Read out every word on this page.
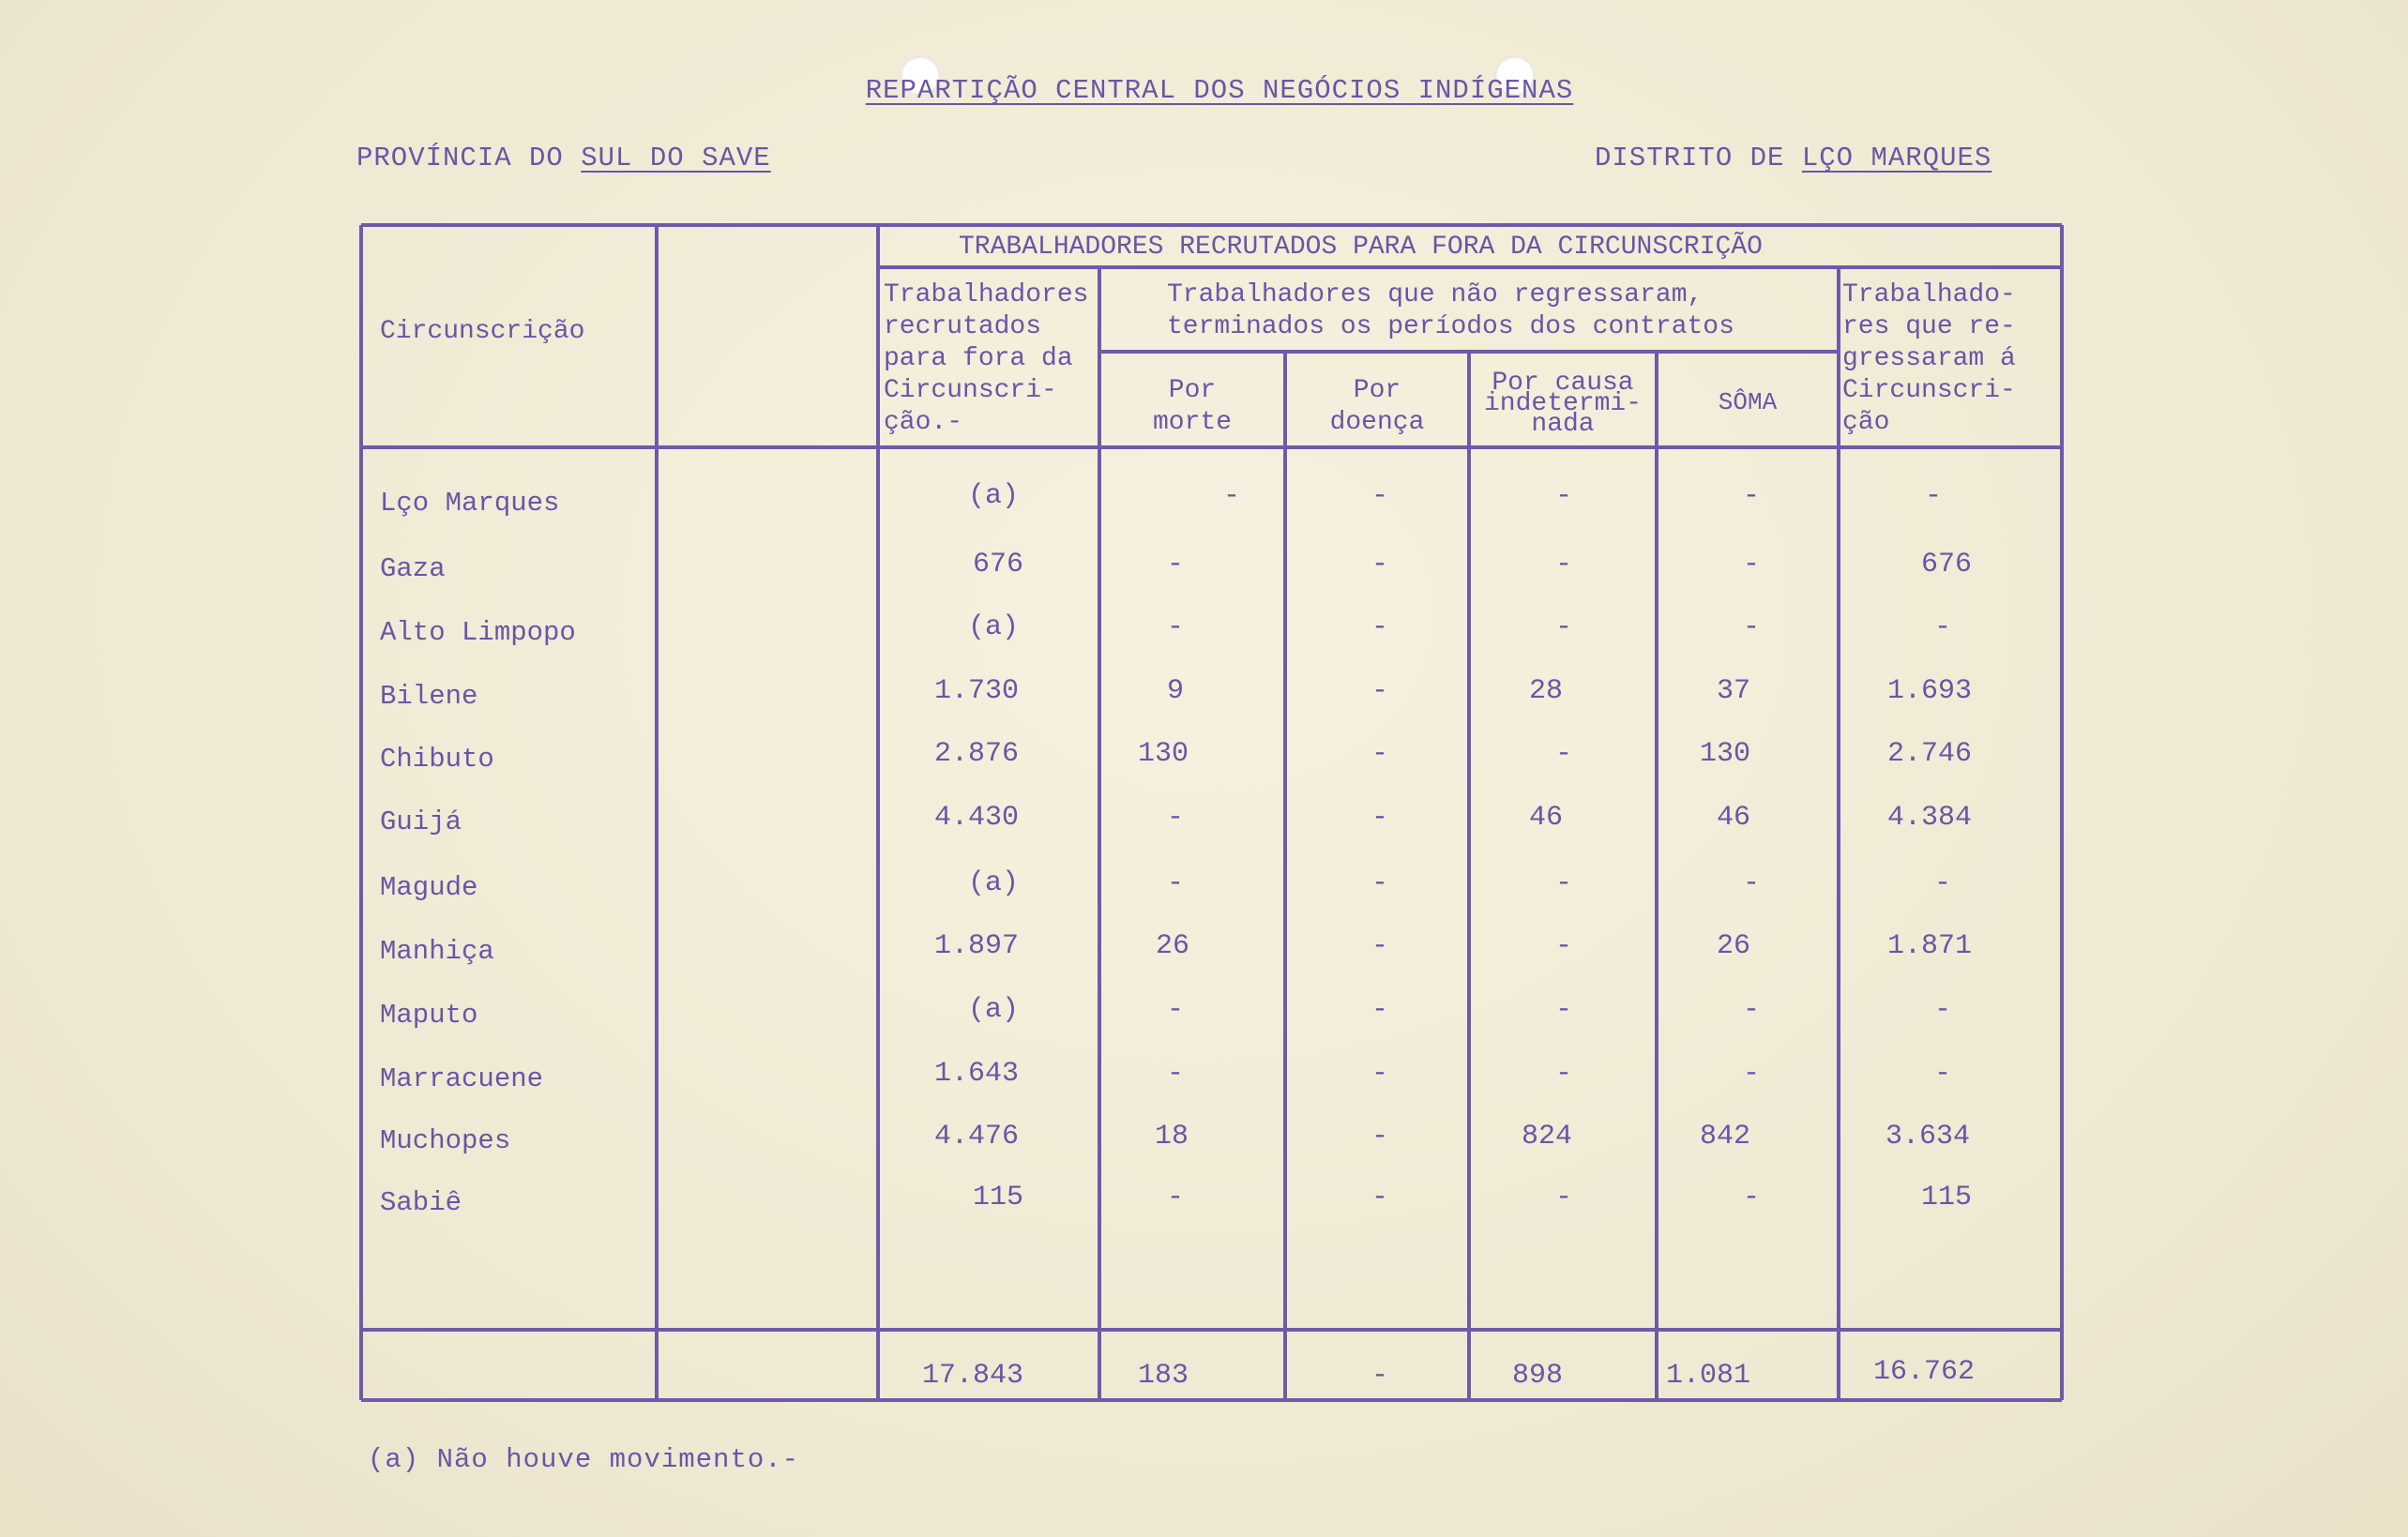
REPARTIÇÃO CENTRAL DOS NEGÓCIOS INDÍGENAS
PROVÍNCIA DO SUL DO SAVE	DISTRITO DE LÇO MARQUES
Circunscrição
TRABALHADORES RECRUTADOS PARA FORA DA CIRCUNSCRIÇÃO
Trabalhadores
recrutados
para fora da
Circunscri-
ção.-
Trabalhadores que não regressaram,
terminados os períodos dos contratos
Por
morte
Por
doença
Por causa
indetermi-
nada
SÔMA
Trabalhado-
res que re-
gressaram á
Circunscri-
ção
Lço Marques	(a)	-	-	-	-	-
Gaza	676	-	-	-	-	676
Alto Limpopo	(a)	-	-	-	-	-
Bilene	1.730	9	-	28	37	1.693
Chibuto	2.876	130	-	-	130	2.746
Guijá	4.430	-	-	46	46	4.384
Magude	(a)	-	-	-	-	-
Manhiça	1.897	26	-	-	26	1.871
Maputo	(a)	-	-	-	-	-
Marracuene	1.643	-	-	-	-	-
Muchopes	4.476	18	-	824	842	3.634
Sabiê	115	-	-	-	-	115
17.843	183	-	898	1.081	16.762
(a) Não houve movimento.-
